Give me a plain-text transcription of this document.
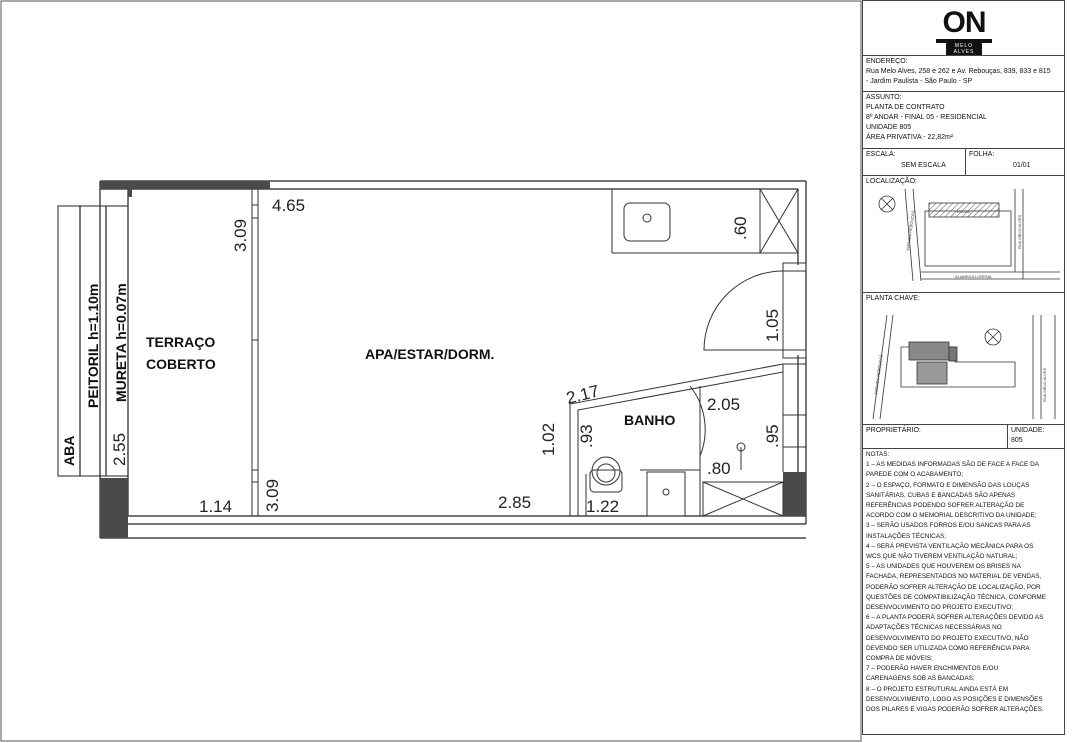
TERRAÇO
COBERTO
APA/ESTAR/DORM.
BANHO
ABA
PEITORIL h=1.10m MURETA h=0.07m
4.65
3.09	.60
1.05
2.17	2.05
1.02 .93	.95
.80
2.55
1.14 3.09	2.85	1.22
ON
MELO ALVES
ENDEREÇO:
Rua Melo Alves, 258 e 262 e Av. Rebouças, 839, 833 e 815
- Jardim Paulista - São Paulo - SP
ASSUNTO:
PLANTA DE CONTRATO
8º ANDAR - FINAL 05 - RESIDENCIAL
UNIDADE 805
ÁREA PRIVATIVA - 22,82m²
ESCALA:
SEM ESCALA
FOLHA:
01/01
LOCALIZAÇÃO:
AVENIDA REBOUÇAS	RUA MELO ALVES
ALAMEDA LORENA
LOCAL
PLANTA CHAVE:
AVENIDA REBOUÇAS	RUA MELO ALVES
PROPRIETÁRIO:	UNIDADE:
805
NOTAS:
1 – AS MEDIDAS INFORMADAS SÃO DE FACE A FACE DA
PAREDE COM O ACABAMENTO;
2 – O ESPAÇO, FORMATO E DIMENSÃO DAS LOUÇAS
SANITÁRIAS, CUBAS E BANCADAS SÃO APENAS
REFERÊNCIAS PODENDO SOFRER ALTERAÇÃO DE
ACORDO COM O MEMORIAL DESCRITIVO DA UNIDADE;
3 – SERÃO USADOS FORROS E/OU SANCAS PARA AS
INSTALAÇÕES TÉCNICAS;
4 – SERÁ PREVISTA VENTILAÇÃO MECÂNICA PARA OS
WCS QUE NÃO TIVEREM VENTILAÇÃO NATURAL;
5 – AS UNIDADES QUE HOUVEREM OS BRISES NA
FACHADA, REPRESENTADOS NO MATERIAL DE VENDAS,
PODERÃO SOFRER ALTERAÇÃO DE LOCALIZAÇÃO, POR
QUESTÕES DE COMPATIBILIZAÇÃO TÉCNICA, CONFORME
DESENVOLVIMENTO DO PROJETO EXECUTIVO;
6 – A PLANTA PODERÁ SOFRER ALTERAÇÕES DEVIDO AS
ADAPTAÇÕES TÉCNICAS NECESSÁRIAS NO
DESENVOLVIMENTO DO PROJETO EXECUTIVO, NÃO
DEVENDO SER UTILIZADA COMO REFERÊNCIA PARA
COMPRA DE MÓVEIS;
7 – PODERÃO HAVER ENCHIMENTOS E/OU
CARENAGENS SOB AS BANCADAS;
8 – O PROJETO ESTRUTURAL AINDA ESTÁ EM
DESENVOLVIMENTO, LOGO AS POSIÇÕES E DIMENSÕES
DOS PILARES E VIGAS PODERÃO SOFRER ALTERAÇÕES.
